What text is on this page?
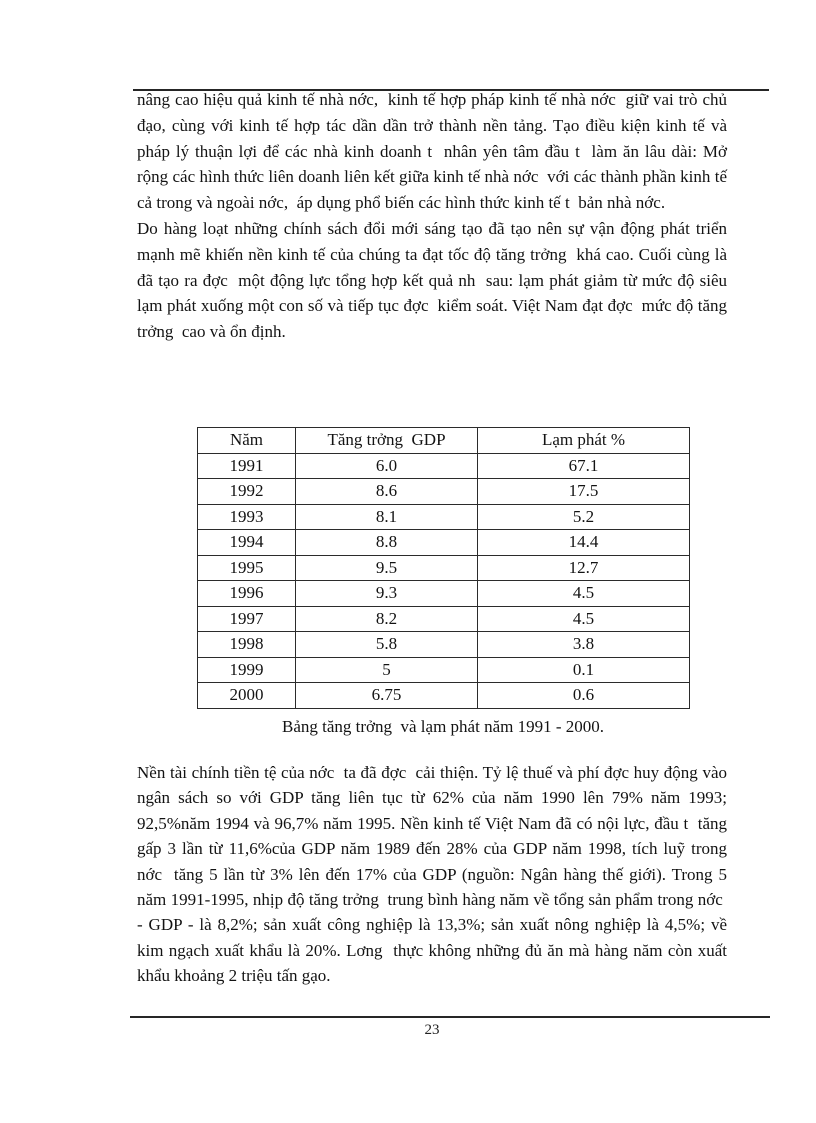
nâng cao hiệu quả kinh tế nhà nớc,  kinh tế hợp pháp kinh tế nhà nớc  giữ vai trò chủ đạo, cùng với kinh tế hợp tác dần dần trở thành nền tảng. Tạo điều kiện kinh tế và pháp lý thuận lợi để các nhà kinh doanh t  nhân yên tâm đầu t  làm ăn lâu dài: Mở rộng các hình thức liên doanh liên kết giữa kinh tế nhà nớc  với các thành phần kinh tế cả trong và ngoài nớc,  áp dụng phổ biến các hình thức kinh tế t  bản nhà nớc.

Do hàng loạt những chính sách đổi mới sáng tạo đã tạo nên sự vận động phát triển mạnh mẽ khiến nền kinh tế của chúng ta đạt tốc độ tăng trởng  khá cao. Cuối cùng là đã tạo ra đợc  một động lực tổng hợp kết quả nh  sau: lạm phát giảm từ mức độ siêu lạm phát xuống một con số và tiếp tục đợc  kiểm soát. Việt Nam đạt đợc  mức độ tăng trởng  cao và ổn định.

Năm	Tăng trởng  GDP	Lạm phát %
1991	6.0	67.1
1992	8.6	17.5
1993	8.1	5.2
1994	8.8	14.4
1995	9.5	12.7
1996	9.3	4.5
1997	8.2	4.5
1998	5.8	3.8
1999	5	0.1
2000	6.75	0.6
Bảng tăng trởng  và lạm phát năm 1991 - 2000.

Nền tài chính tiền tệ của nớc  ta đã đợc  cải thiện. Tỷ lệ thuế và phí đợc huy động vào ngân sách so với GDP tăng liên tục từ 62% của năm 1990 lên 79% năm 1993; 92,5%năm 1994 và 96,7% năm 1995. Nền kinh tế Việt Nam đã có nội lực, đầu t  tăng gấp 3 lần từ 11,6%của GDP năm 1989 đến 28% của GDP năm 1998, tích luỹ trong nớc  tăng 5 lần từ 3% lên đến 17% của GDP (nguồn: Ngân hàng thế giới). Trong 5 năm 1991-1995, nhịp độ tăng trởng  trung bình hàng năm về tổng sản phẩm trong nớc  - GDP - là 8,2%; sản xuất công nghiệp là 13,3%; sản xuất nông nghiệp là 4,5%; về kim ngạch xuất khẩu là 20%. Lơng  thực không những đủ ăn mà hàng năm còn xuất khẩu khoảng 2 triệu tấn gạo.

23
